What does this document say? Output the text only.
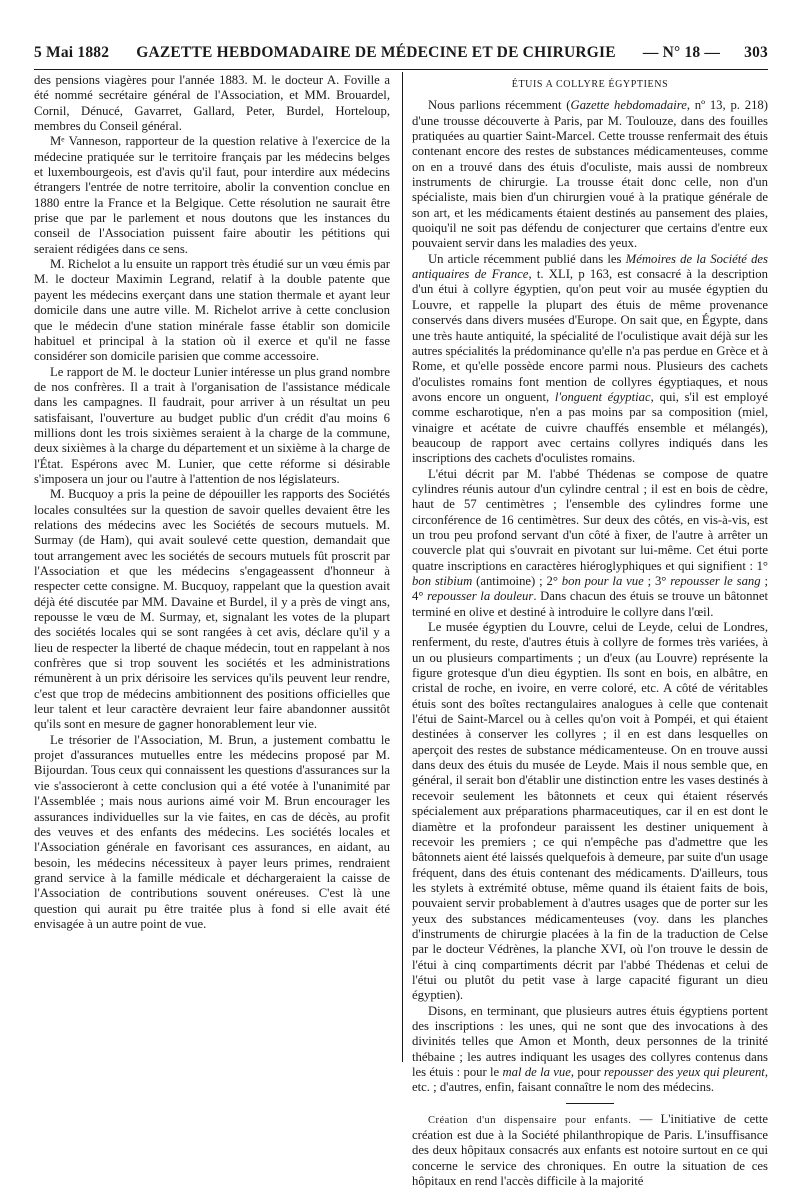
5 Mai 1882	GAZETTE HEBDOMADAIRE DE MÉDECINE ET DE CHIRURGIE	— N° 18 — 303

des pensions viagères pour l'année 1883. M. le docteur A. Foville a été nommé secrétaire général de l'Association, et MM. Brouardel, Cornil, Dénucé, Gavarret, Gallard, Peter, Burdel, Horteloup, membres du Conseil général.

Mᵉ Vanneson, rapporteur de la question relative à l'exercice de la médecine pratiquée sur le territoire français par les médecins belges et luxembourgeois, est d'avis qu'il faut, pour interdire aux médecins étrangers l'entrée de notre territoire, abolir la convention conclue en 1880 entre la France et la Belgique. Cette résolution ne saurait être prise que par le parlement et nous doutons que les instances du conseil de l'Association puissent faire aboutir les pétitions qui seraient rédigées dans ce sens.

M. Richelot a lu ensuite un rapport très étudié sur un vœu émis par M. le docteur Maximin Legrand, relatif à la double patente que payent les médecins exerçant dans une station thermale et ayant leur domicile dans une autre ville. M. Richelot arrive à cette conclusion que le médecin d'une station minérale fasse établir son domicile habituel et principal à la station où il exerce et qu'il ne fasse considérer son domicile parisien que comme accessoire.

Le rapport de M. le docteur Lunier intéresse un plus grand nombre de nos confrères. Il a trait à l'organisation de l'assistance médicale dans les campagnes. Il faudrait, pour arriver à un résultat un peu satisfaisant, l'ouverture au budget public d'un crédit d'au moins 6 millions dont les trois sixièmes seraient à la charge de la commune, deux sixièmes à la charge du département et un sixième à la charge de l'État. Espérons avec M. Lunier, que cette réforme si désirable s'imposera un jour ou l'autre à l'attention de nos législateurs.

M. Bucquoy a pris la peine de dépouiller les rapports des Sociétés locales consultées sur la question de savoir quelles devaient être les relations des médecins avec les Sociétés de secours mutuels. M. Surmay (de Ham), qui avait soulevé cette question, demandait que tout arrangement avec les sociétés de secours mutuels fût proscrit par l'Association et que les médecins s'engageassent d'honneur à respecter cette consigne. M. Bucquoy, rappelant que la question avait déjà été discutée par MM. Davaine et Burdel, il y a près de vingt ans, repousse le vœu de M. Surmay, et, signalant les votes de la plupart des sociétés locales qui se sont rangées à cet avis, déclare qu'il y a lieu de respecter la liberté de chaque médecin, tout en rappelant à nos confrères que si trop souvent les sociétés et les administrations rémunèrent à un prix dérisoire les services qu'ils peuvent leur rendre, c'est que trop de médecins ambitionnent des positions officielles que leur talent et leur caractère devraient leur faire abandonner aussitôt qu'ils sont en mesure de gagner honorablement leur vie.

Le trésorier de l'Association, M. Brun, a justement combattu le projet d'assurances mutuelles entre les médecins proposé par M. Bijourdan. Tous ceux qui connaissent les questions d'assurances sur la vie s'associeront à cette conclusion qui a été votée à l'unanimité par l'Assemblée ; mais nous aurions aimé voir M. Brun encourager les assurances individuelles sur la vie faites, en cas de décès, au profit des veuves et des enfants des médecins. Les sociétés locales et l'Association générale en favorisant ces assurances, en aidant, au besoin, les médecins nécessiteux à payer leurs primes, rendraient grand service à la famille médicale et déchargeraient la caisse de l'Association de contributions souvent onéreuses. C'est là une question qui aurait pu être traitée plus à fond si elle avait été envisagée à un autre point de vue.

ÉTUIS A COLLYRE ÉGYPTIENS

Nous parlions récemment (Gazette hebdomadaire, nº 13, p. 218) d'une trousse découverte à Paris, par M. Toulouze, dans des fouilles pratiquées au quartier Saint-Marcel. Cette trousse renfermait des étuis contenant encore des restes de substances médicamenteuses, comme on en a trouvé dans des étuis d'oculiste, mais aussi de nombreux instruments de chirurgie. La trousse était donc celle, non d'un spécialiste, mais bien d'un chirurgien voué à la pratique générale de son art, et les médicaments étaient destinés au pansement des plaies, quoiqu'il ne soit pas défendu de conjecturer que certains d'entre eux pouvaient servir dans les maladies des yeux.

Un article récemment publié dans les Mémoires de la Société des antiquaires de France, t. XLI, p 163, est consacré à la description d'un étui à collyre égyptien, qu'on peut voir au musée égyptien du Louvre, et rappelle la plupart des étuis de même provenance conservés dans divers musées d'Europe. On sait que, en Égypte, dans une très haute antiquité, la spécialité de l'oculistique avait déjà sur les autres spécialités la prédominance qu'elle n'a pas perdue en Grèce et à Rome, et qu'elle possède encore parmi nous. Plusieurs des cachets d'oculistes romains font mention de collyres égyptiaques, et nous avons encore un onguent, l'onguent égyptiac, qui, s'il est employé comme escharotique, n'en a pas moins par sa composition (miel, vinaigre et acétate de cuivre chauffés ensemble et mélangés), beaucoup de rapport avec certains collyres indiqués dans les inscriptions des cachets d'oculistes romains.

L'étui décrit par M. l'abbé Thédenas se compose de quatre cylindres réunis autour d'un cylindre central ; il est en bois de cèdre, haut de 57 centimètres ; l'ensemble des cylindres forme une circonférence de 16 centimètres. Sur deux des côtés, en vis-à-vis, est un trou peu profond servant d'un côté à fixer, de l'autre à arrêter un couvercle plat qui s'ouvrait en pivotant sur lui-même. Cet étui porte quatre inscriptions en caractères hiéroglyphiques et qui signifient : 1° bon stibium (antimoine) ; 2° bon pour la vue ; 3° repousser le sang ; 4° repousser la douleur. Dans chacun des étuis se trouve un bâtonnet terminé en olive et destiné à introduire le collyre dans l'œil.

Le musée égyptien du Louvre, celui de Leyde, celui de Londres, renferment, du reste, d'autres étuis à collyre de formes très variées, à un ou plusieurs compartiments ; un d'eux (au Louvre) représente la figure grotesque d'un dieu égyptien. Ils sont en bois, en albâtre, en cristal de roche, en ivoire, en verre coloré, etc. A côté de véritables étuis sont des boîtes rectangulaires analogues à celle que contenait l'étui de Saint-Marcel ou à celles qu'on voit à Pompéi, et qui étaient destinées à conserver les collyres ; il en est dans lesquelles on aperçoit des restes de substance médicamenteuse. On en trouve aussi dans deux des étuis du musée de Leyde. Mais il nous semble que, en général, il serait bon d'établir une distinction entre les vases destinés à recevoir seulement les bâtonnets et ceux qui étaient réservés spécialement aux préparations pharmaceutiques, car il en est dont le diamètre et la profondeur paraissent les destiner uniquement à recevoir les premiers ; ce qui n'empêche pas d'admettre que les bâtonnets aient été laissés quelquefois à demeure, par suite d'un usage fréquent, dans des étuis contenant des médicaments. D'ailleurs, tous les stylets à extrémité obtuse, même quand ils étaient faits de bois, pouvaient servir probablement à d'autres usages que de porter sur les yeux des substances médicamenteuses (voy. dans les planches d'instruments de chirurgie placées à la fin de la traduction de Celse par le docteur Védrènes, la planche XVI, où l'on trouve le dessin de l'étui à cinq compartiments décrit par l'abbé Thédenas et celui de l'étui ou plutôt du petit vase à large capacité figurant un dieu égyptien).

Disons, en terminant, que plusieurs autres étuis égyptiens portent des inscriptions : les unes, qui ne sont que des invocations à des divinités telles que Amon et Month, deux personnes de la trinité thébaine ; les autres indiquant les usages des collyres contenus dans les étuis : pour le mal de la vue, pour repousser des yeux qui pleurent, etc. ; d'autres, enfin, faisant connaître le nom des médecins.

Création d'un dispensaire pour enfants. — L'initiative de cette création est due à la Société philanthropique de Paris. L'insuffisance des deux hôpitaux consacrés aux enfants est notoire surtout en ce qui concerne le service des chroniques. En outre la situation de ces hôpitaux en rend l'accès difficile à la majorité
